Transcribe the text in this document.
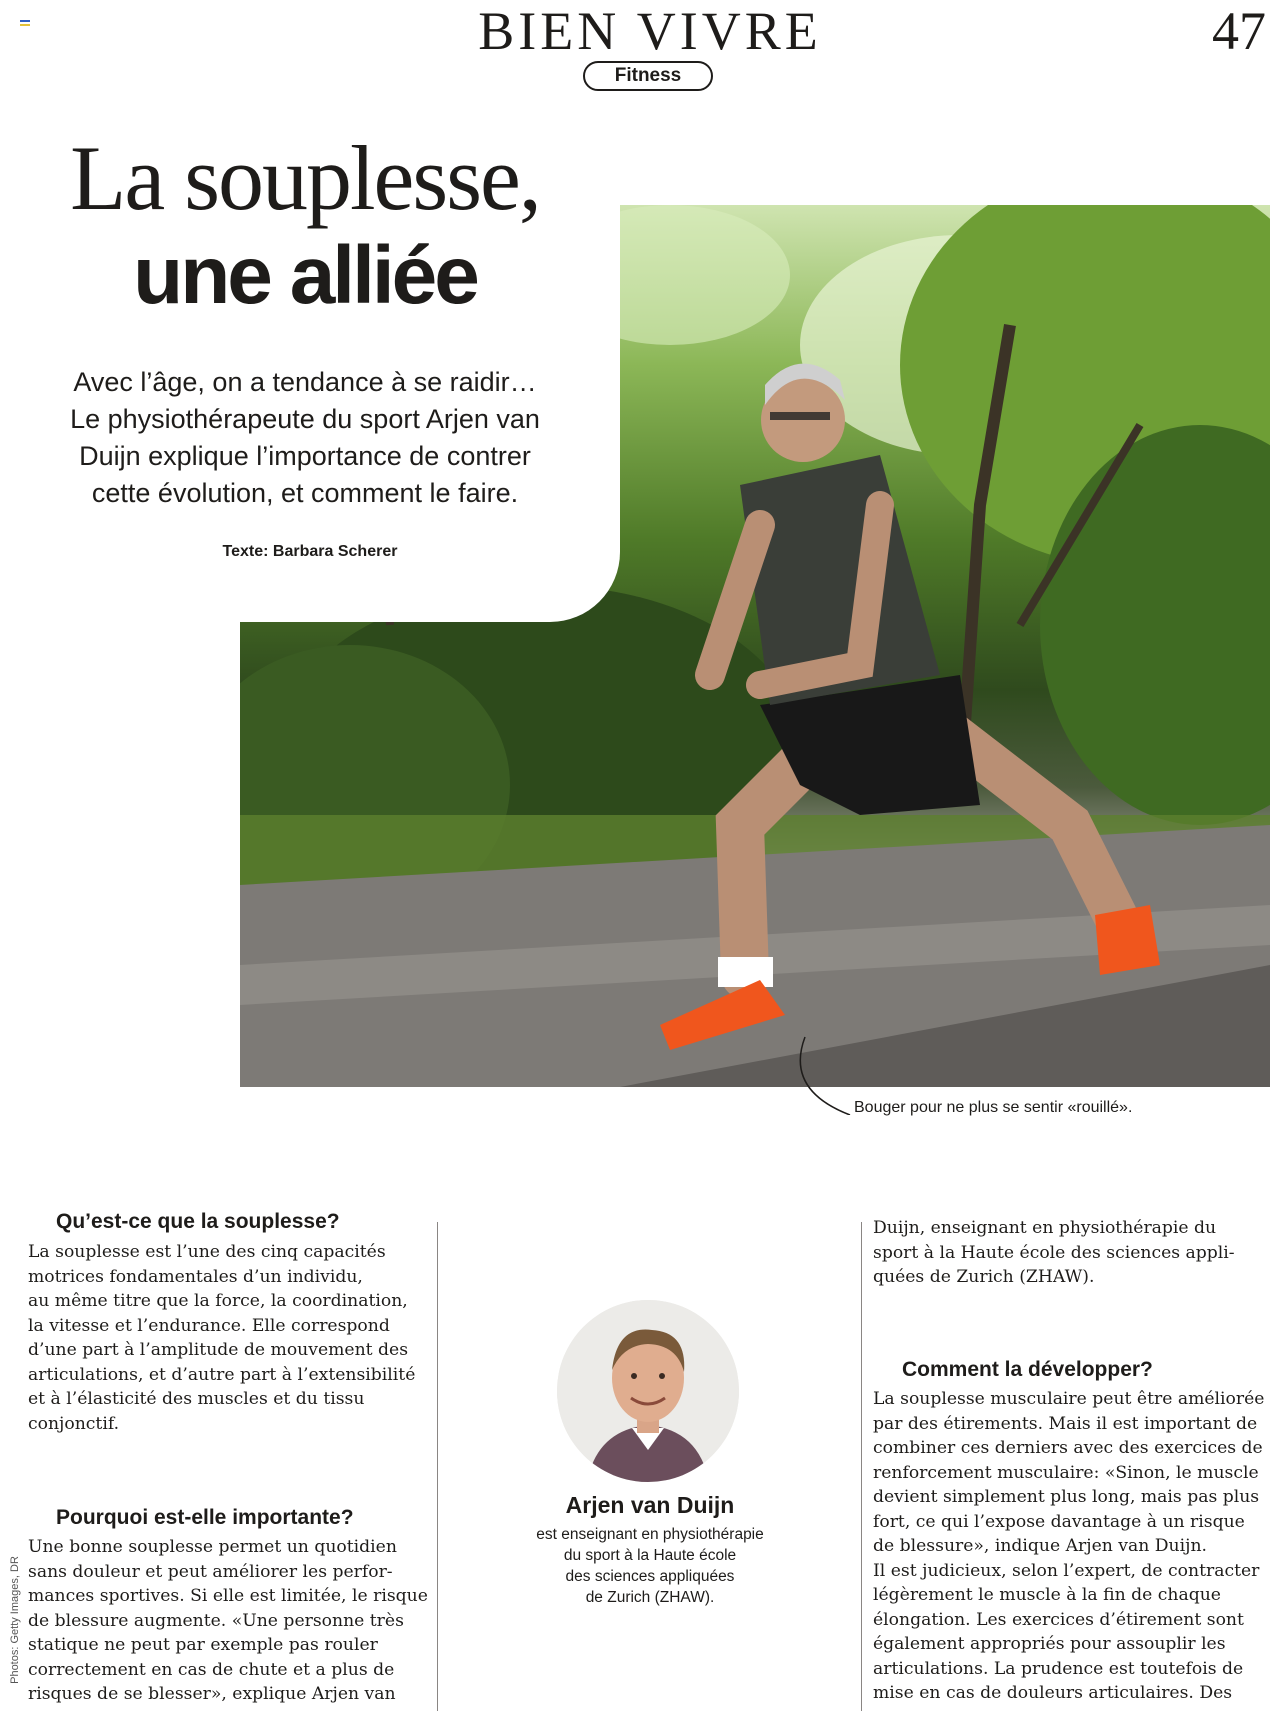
BIEN VIVRE	47
Fitness
La souplesse,
une alliée
Avec l’âge, on a tendance à se raidir…
Le physiothérapeute du sport Arjen van
Duijn explique l’importance de contrer
cette évolution, et comment le faire.
Texte: Barbara Scherer
Bouger pour ne plus se sentir «rouillé».
Qu’est-ce que la souplesse?
La souplesse est l’une des cinq capacités
motrices fondamentales d’un individu,
au même titre que la force, la coordination,
la vitesse et l’endurance. Elle correspond
d’une part à l’amplitude de mouvement des
articulations, et d’autre part à l’extensibilité
et à l’élasticité des muscles et du tissu
conjonctif.
Pourquoi est-elle importante?
Une bonne souplesse permet un quotidien
sans douleur et peut améliorer les perfor-
mances sportives. Si elle est limitée, le risque
de blessure augmente. «Une personne très
statique ne peut par exemple pas rouler
correctement en cas de chute et a plus de
risques de se blesser», explique Arjen van
Arjen van Duijn
est enseignant en physiothérapie
du sport à la Haute école
des sciences appliquées
de Zurich (ZHAW).
Duijn, enseignant en physiothérapie du
sport à la Haute école des sciences appli-
quées de Zurich (ZHAW).
Comment la développer?
La souplesse musculaire peut être améliorée
par des étirements. Mais il est important de
combiner ces derniers avec des exercices de
renforcement musculaire: «Sinon, le muscle
devient simplement plus long, mais pas plus
fort, ce qui l’expose davantage à un risque
de blessure», indique Arjen van Duijn.
Il est judicieux, selon l’expert, de contracter
légèrement le muscle à la fin de chaque
élongation. Les exercices d’étirement sont
également appropriés pour assouplir les
articulations. La prudence est toutefois de
mise en cas de douleurs articulaires. Des
Photos: Getty Images, DR
